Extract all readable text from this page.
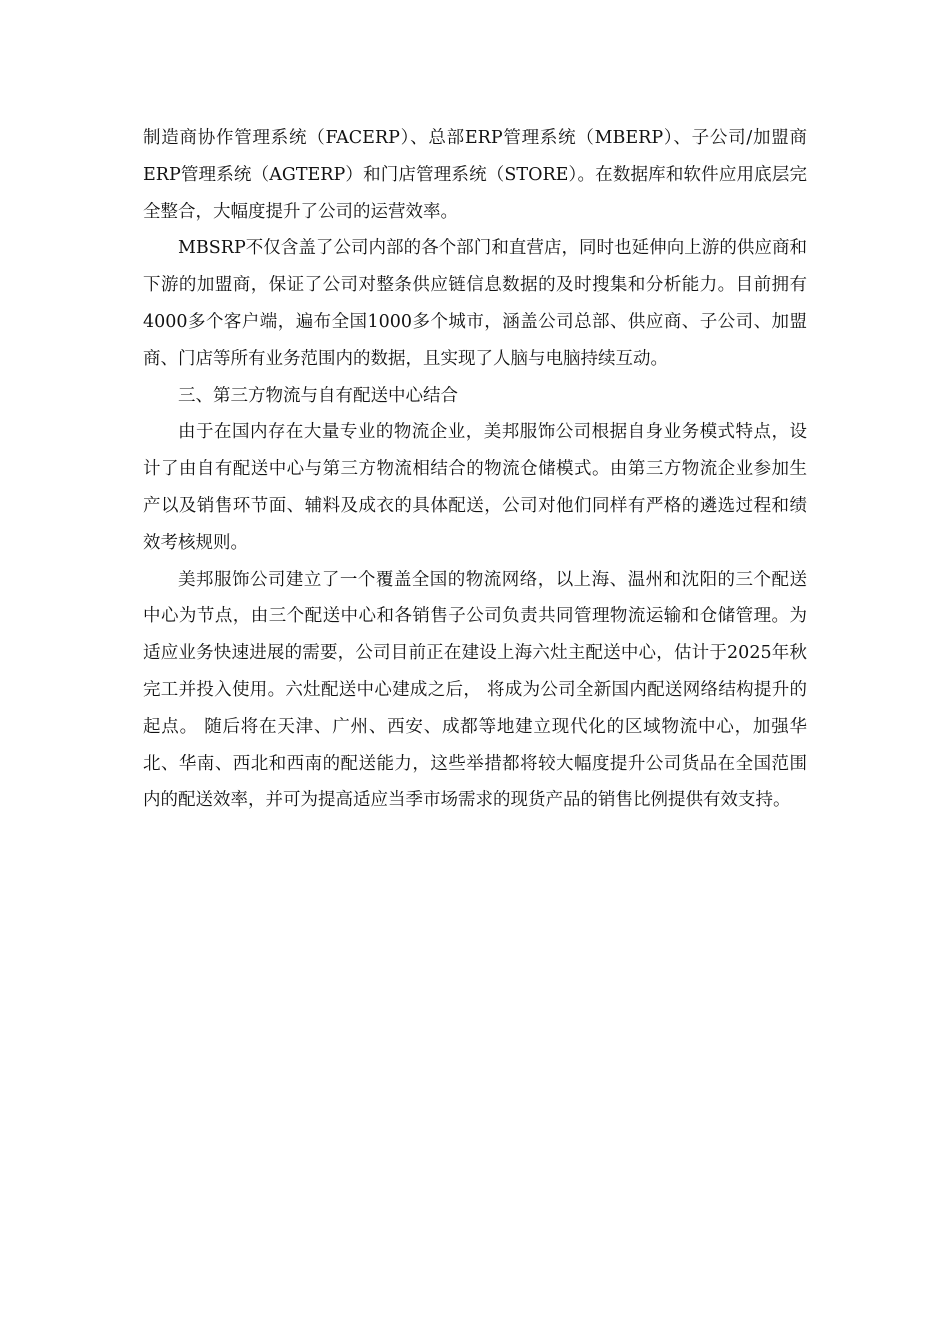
制造商协作管理系统（FACERP）、总部ERP管理系统（MBERP）、子公司/加盟商ERP管理系统（AGTERP）和门店管理系统（STORE）。在数据库和软件应用底层完全整合，大幅度提升了公司的运营效率。

MBSRP不仅含盖了公司内部的各个部门和直营店，同时也延伸向上游的供应商和下游的加盟商，保证了公司对整条供应链信息数据的及时搜集和分析能力。目前拥有4000多个客户端，遍布全国1000多个城市，涵盖公司总部、供应商、子公司、加盟商、门店等所有业务范围内的数据，且实现了人脑与电脑持续互动。

三、第三方物流与自有配送中心结合

由于在国内存在大量专业的物流企业，美邦服饰公司根据自身业务模式特点，设计了由自有配送中心与第三方物流相结合的物流仓储模式。由第三方物流企业参加生产以及销售环节面、辅料及成衣的具体配送，公司对他们同样有严格的遴选过程和绩效考核规则。

美邦服饰公司建立了一个覆盖全国的物流网络，以上海、温州和沈阳的三个配送中心为节点，由三个配送中心和各销售子公司负责共同管理物流运输和仓储管理。为适应业务快速进展的需要，公司目前正在建设上海六灶主配送中心，估计于2025年秋完工并投入使用。六灶配送中心建成之后， 将成为公司全新国内配送网络结构提升的起点。 随后将在天津、广州、西安、成都等地建立现代化的区域物流中心，加强华北、华南、西北和西南的配送能力，这些举措都将较大幅度提升公司货品在全国范围内的配送效率，并可为提高适应当季市场需求的现货产品的销售比例提供有效支持。
